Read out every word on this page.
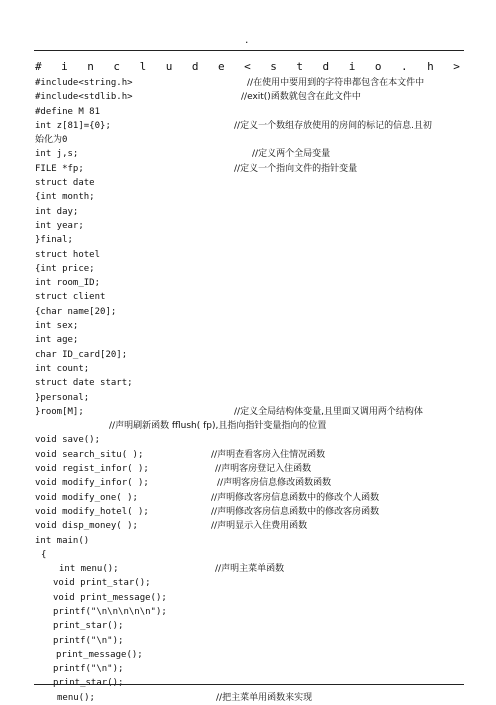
.
# i n c l u d e < s t d i o . h >
#include<string.h>	//在使用中要用到的字符串都包含在本文件中
#include<stdlib.h>	//exit()函数就包含在此文件中
#define M 81
int z[81]={0};	//定义一个数组存放使用的房间的标记的信息.且初
始化为0
int j,s;	//定义两个全局变量
FILE *fp;	//定义一个指向文件的指针变量
struct date
{int month;
int day;
int year;
}final;
struct hotel
{int price;
int room_ID;
struct client
{char name[20];
int sex;
int age;
char ID_card[20];
int count;
struct date start;
}personal;
}room[M];	//定义全局结构体变量,且里面又调用两个结构体
//声明刷新函数 fflush( fp),且指向指针变量指向的位置
void save();
void search_situ( );	//声明查看客房入住情况函数
void regist_infor( );	//声明客房登记入住函数
void modify_infor( );	//声明客房信息修改函数函数
void modify_one( );	//声明修改客房信息函数中的修改个人函数
void modify_hotel( );	//声明修改客房信息函数中的修改客房函数
void disp_money( );	//声明显示入住费用函数
int main()
{
int menu();	//声明主菜单函数
void print_star();
void print_message();
printf("\n\n\n\n\n");
print_star();
printf("\n");
print_message();
printf("\n");
print_star();
menu();	//把主菜单用函数来实现
.
